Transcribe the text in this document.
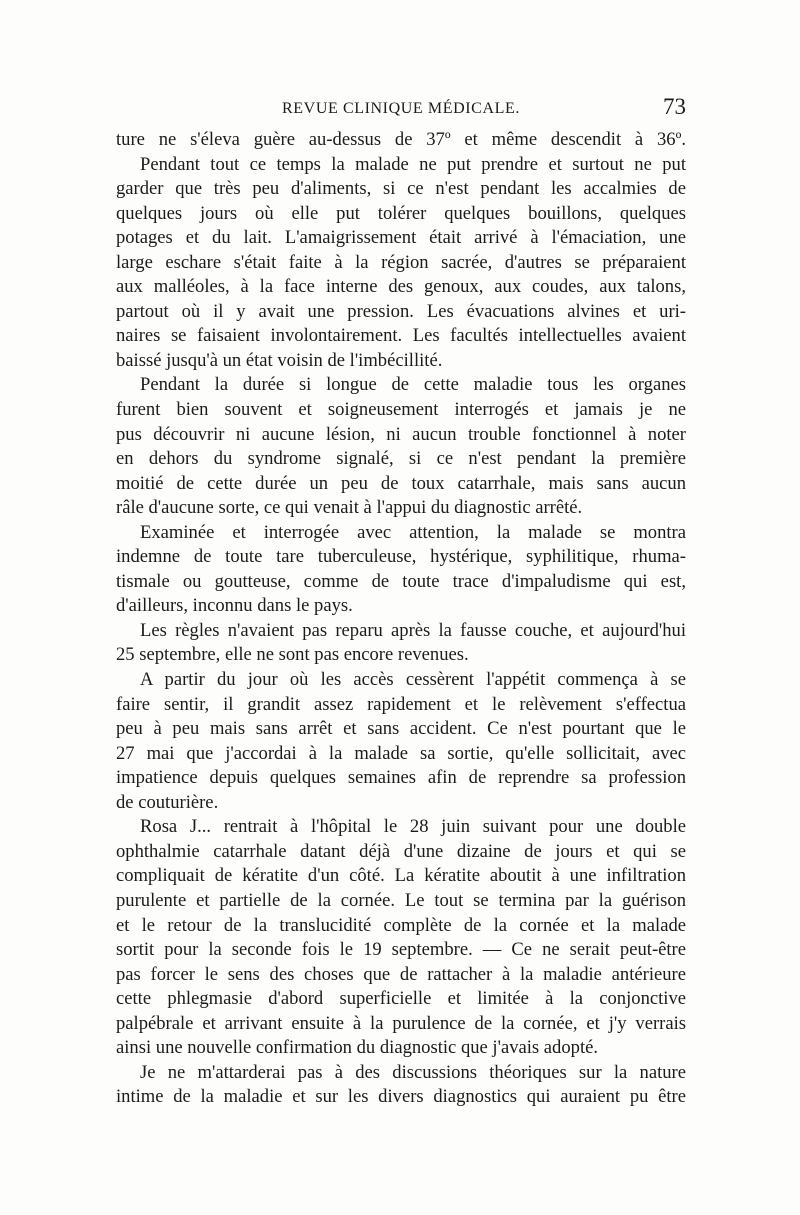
REVUE CLINIQUE MÉDICALE.	73
ture ne s'éleva guère au-dessus de 37º et même descendit à 36º.
Pendant tout ce temps la malade ne put prendre et surtout ne put
garder que très peu d'aliments, si ce n'est pendant les accalmies de
quelques jours où elle put tolérer quelques bouillons, quelques
potages et du lait. L'amaigrissement était arrivé à l'émaciation, une
large eschare s'était faite à la région sacrée, d'autres se préparaient
aux malléoles, à la face interne des genoux, aux coudes, aux talons,
partout où il y avait une pression. Les évacuations alvines et uri-
naires se faisaient involontairement. Les facultés intellectuelles avaient
baissé jusqu'à un état voisin de l'imbécillité.
Pendant la durée si longue de cette maladie tous les organes
furent bien souvent et soigneusement interrogés et jamais je ne
pus découvrir ni aucune lésion, ni aucun trouble fonctionnel à noter
en dehors du syndrome signalé, si ce n'est pendant la première
moitié de cette durée un peu de toux catarrhale, mais sans aucun
râle d'aucune sorte, ce qui venait à l'appui du diagnostic arrêté.
Examinée et interrogée avec attention, la malade se montra
indemne de toute tare tuberculeuse, hystérique, syphilitique, rhuma-
tismale ou goutteuse, comme de toute trace d'impaludisme qui est,
d'ailleurs, inconnu dans le pays.
Les règles n'avaient pas reparu après la fausse couche, et aujourd'hui
25 septembre, elle ne sont pas encore revenues.
A partir du jour où les accès cessèrent l'appétit commença à se
faire sentir, il grandit assez rapidement et le relèvement s'effectua
peu à peu mais sans arrêt et sans accident. Ce n'est pourtant que le
27 mai que j'accordai à la malade sa sortie, qu'elle sollicitait, avec
impatience depuis quelques semaines afin de reprendre sa profession
de couturière.
Rosa J... rentrait à l'hôpital le 28 juin suivant pour une double
ophthalmie catarrhale datant déjà d'une dizaine de jours et qui se
compliquait de kératite d'un côté. La kératite aboutit à une infiltration
purulente et partielle de la cornée. Le tout se termina par la guérison
et le retour de la translucidité complète de la cornée et la malade
sortit pour la seconde fois le 19 septembre. — Ce ne serait peut-être
pas forcer le sens des choses que de rattacher à la maladie antérieure
cette phlegmasie d'abord superficielle et limitée à la conjonctive
palpébrale et arrivant ensuite à la purulence de la cornée, et j'y verrais
ainsi une nouvelle confirmation du diagnostic que j'avais adopté.
Je ne m'attarderai pas à des discussions théoriques sur la nature
intime de la maladie et sur les divers diagnostics qui auraient pu être
